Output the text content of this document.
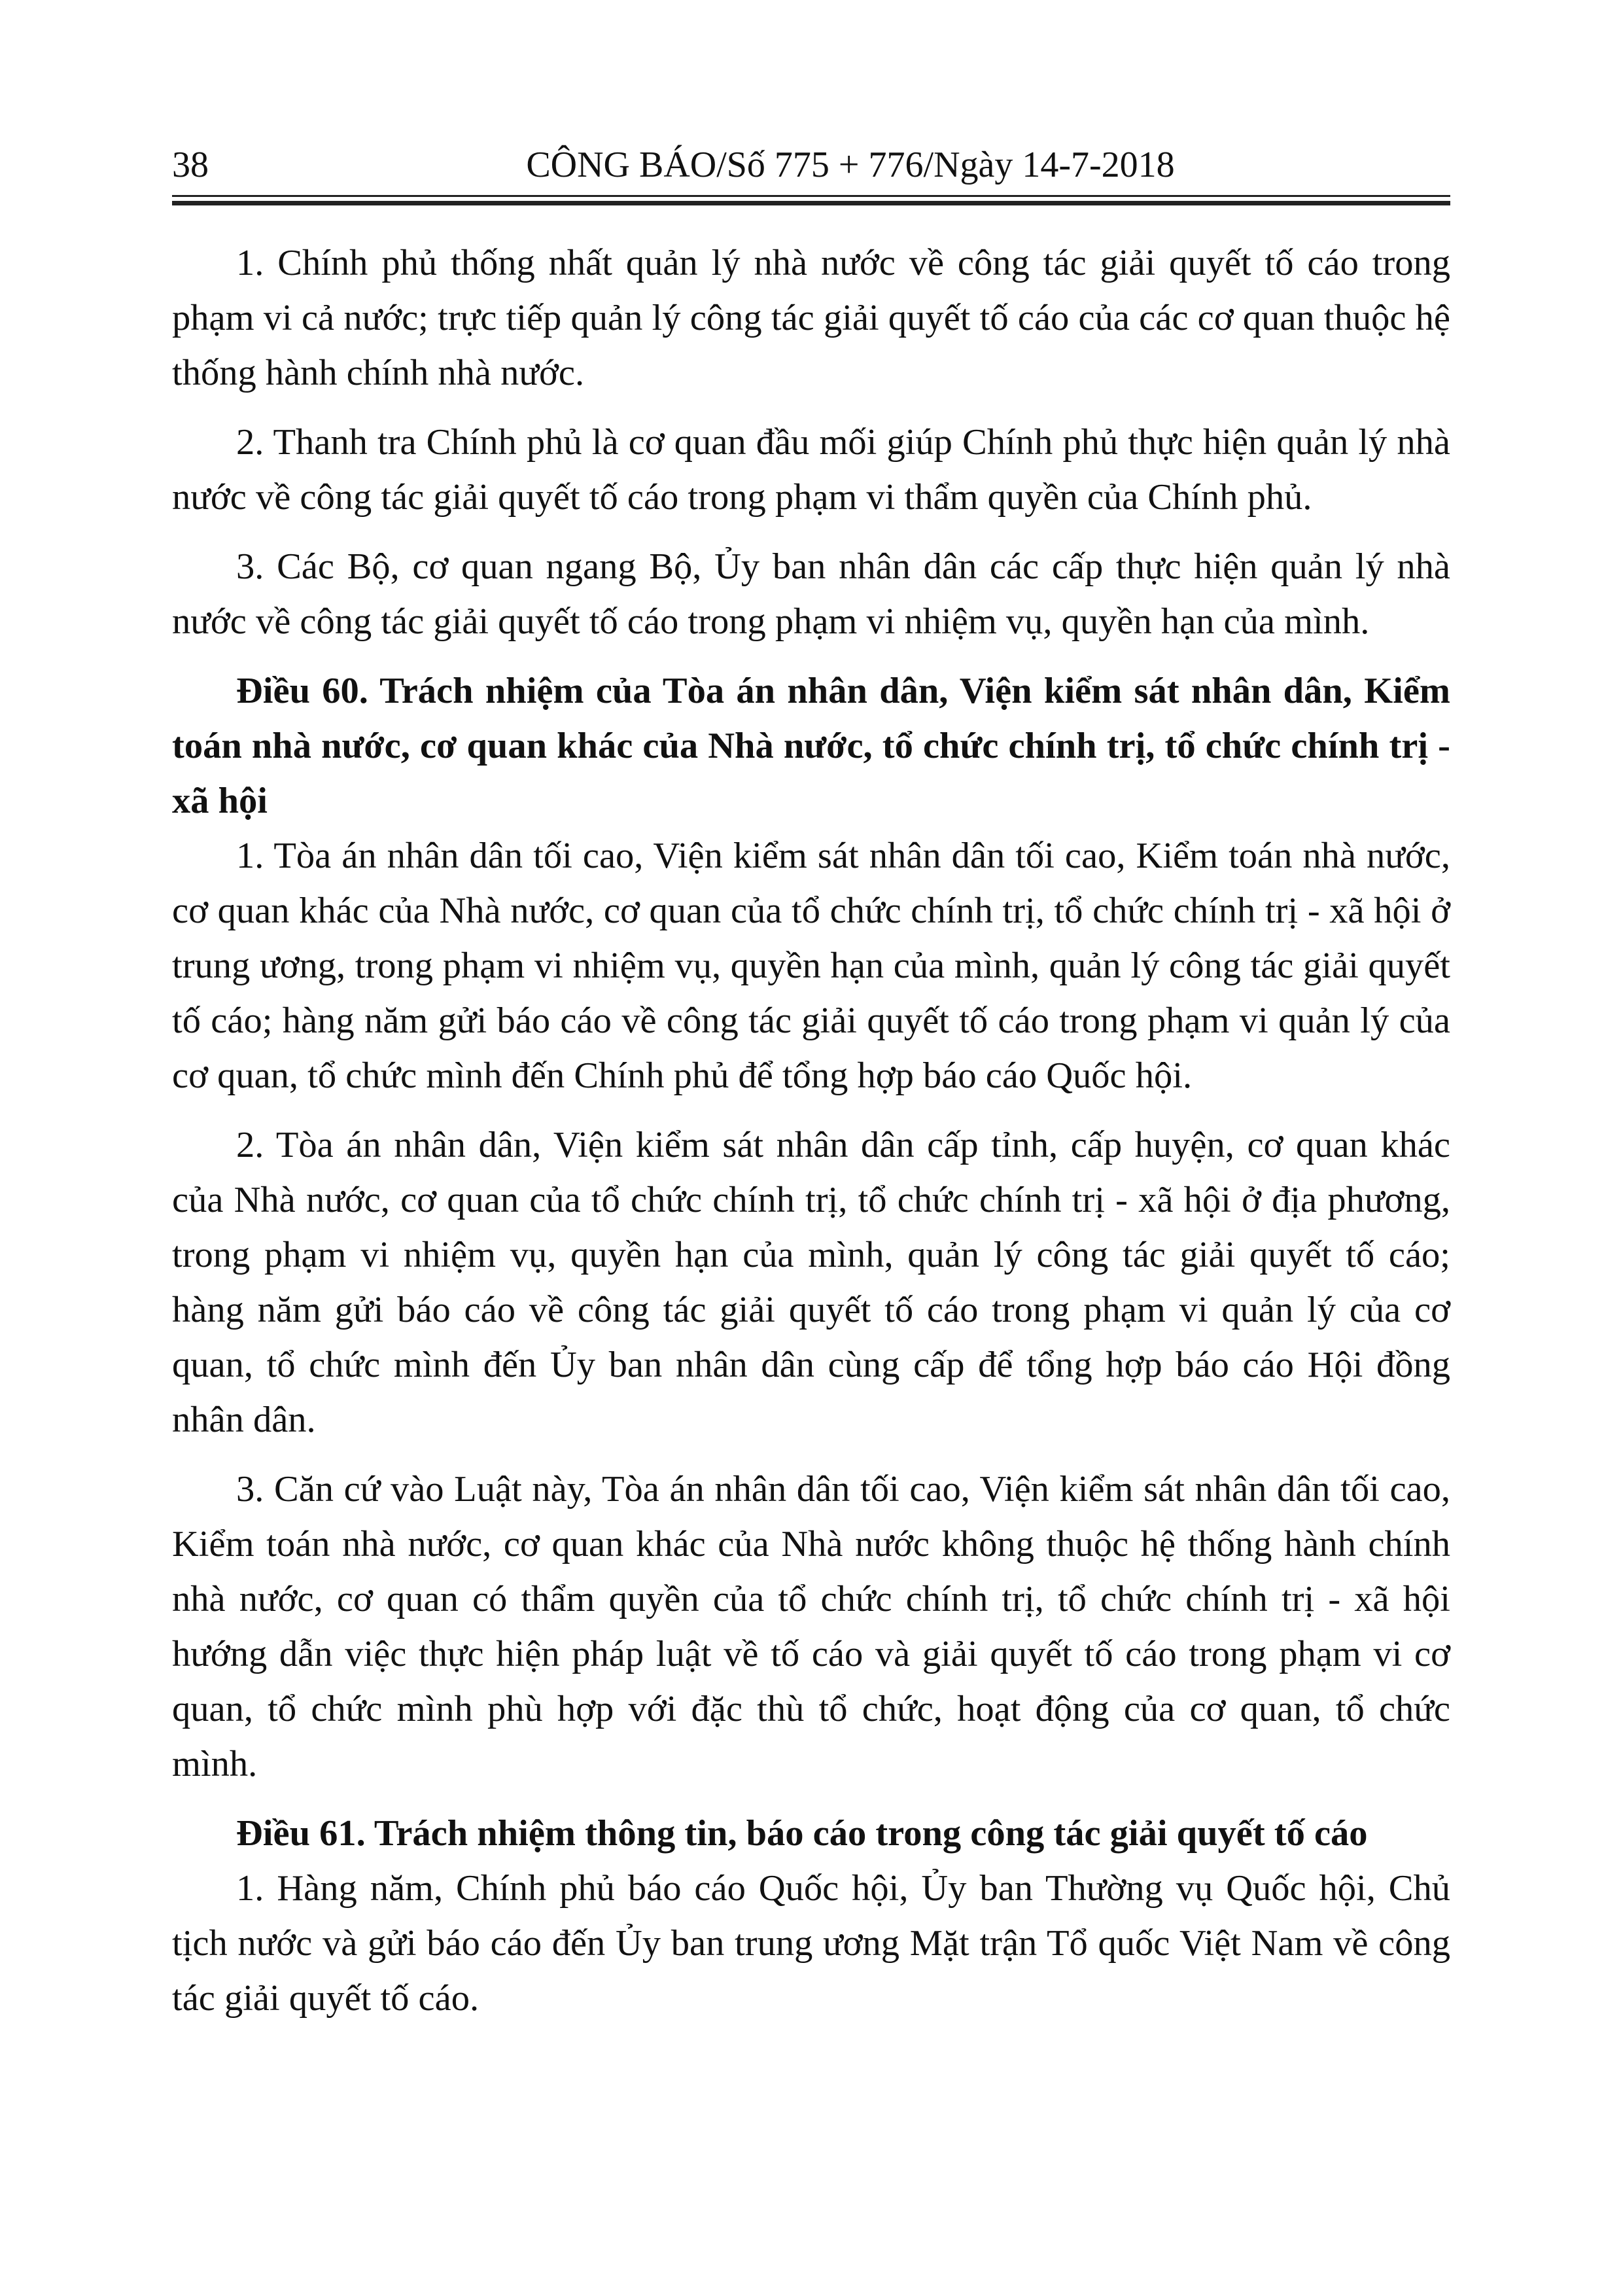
38	CÔNG BÁO/Số 775 + 776/Ngày 14-7-2018

1. Chính phủ thống nhất quản lý nhà nước về công tác giải quyết tố cáo trong phạm vi cả nước; trực tiếp quản lý công tác giải quyết tố cáo của các cơ quan thuộc hệ thống hành chính nhà nước.

2. Thanh tra Chính phủ là cơ quan đầu mối giúp Chính phủ thực hiện quản lý nhà nước về công tác giải quyết tố cáo trong phạm vi thẩm quyền của Chính phủ.

3. Các Bộ, cơ quan ngang Bộ, Ủy ban nhân dân các cấp thực hiện quản lý nhà nước về công tác giải quyết tố cáo trong phạm vi nhiệm vụ, quyền hạn của mình.

Điều 60. Trách nhiệm của Tòa án nhân dân, Viện kiểm sát nhân dân, Kiểm toán nhà nước, cơ quan khác của Nhà nước, tổ chức chính trị, tổ chức chính trị - xã hội

1. Tòa án nhân dân tối cao, Viện kiểm sát nhân dân tối cao, Kiểm toán nhà nước, cơ quan khác của Nhà nước, cơ quan của tổ chức chính trị, tổ chức chính trị - xã hội ở trung ương, trong phạm vi nhiệm vụ, quyền hạn của mình, quản lý công tác giải quyết tố cáo; hàng năm gửi báo cáo về công tác giải quyết tố cáo trong phạm vi quản lý của cơ quan, tổ chức mình đến Chính phủ để tổng hợp báo cáo Quốc hội.

2. Tòa án nhân dân, Viện kiểm sát nhân dân cấp tỉnh, cấp huyện, cơ quan khác của Nhà nước, cơ quan của tổ chức chính trị, tổ chức chính trị - xã hội ở địa phương, trong phạm vi nhiệm vụ, quyền hạn của mình, quản lý công tác giải quyết tố cáo; hàng năm gửi báo cáo về công tác giải quyết tố cáo trong phạm vi quản lý của cơ quan, tổ chức mình đến Ủy ban nhân dân cùng cấp để tổng hợp báo cáo Hội đồng nhân dân.

3. Căn cứ vào Luật này, Tòa án nhân dân tối cao, Viện kiểm sát nhân dân tối cao, Kiểm toán nhà nước, cơ quan khác của Nhà nước không thuộc hệ thống hành chính nhà nước, cơ quan có thẩm quyền của tổ chức chính trị, tổ chức chính trị - xã hội hướng dẫn việc thực hiện pháp luật về tố cáo và giải quyết tố cáo trong phạm vi cơ quan, tổ chức mình phù hợp với đặc thù tổ chức, hoạt động của cơ quan, tổ chức mình.

Điều 61. Trách nhiệm thông tin, báo cáo trong công tác giải quyết tố cáo

1. Hàng năm, Chính phủ báo cáo Quốc hội, Ủy ban Thường vụ Quốc hội, Chủ tịch nước và gửi báo cáo đến Ủy ban trung ương Mặt trận Tổ quốc Việt Nam về công tác giải quyết tố cáo.
